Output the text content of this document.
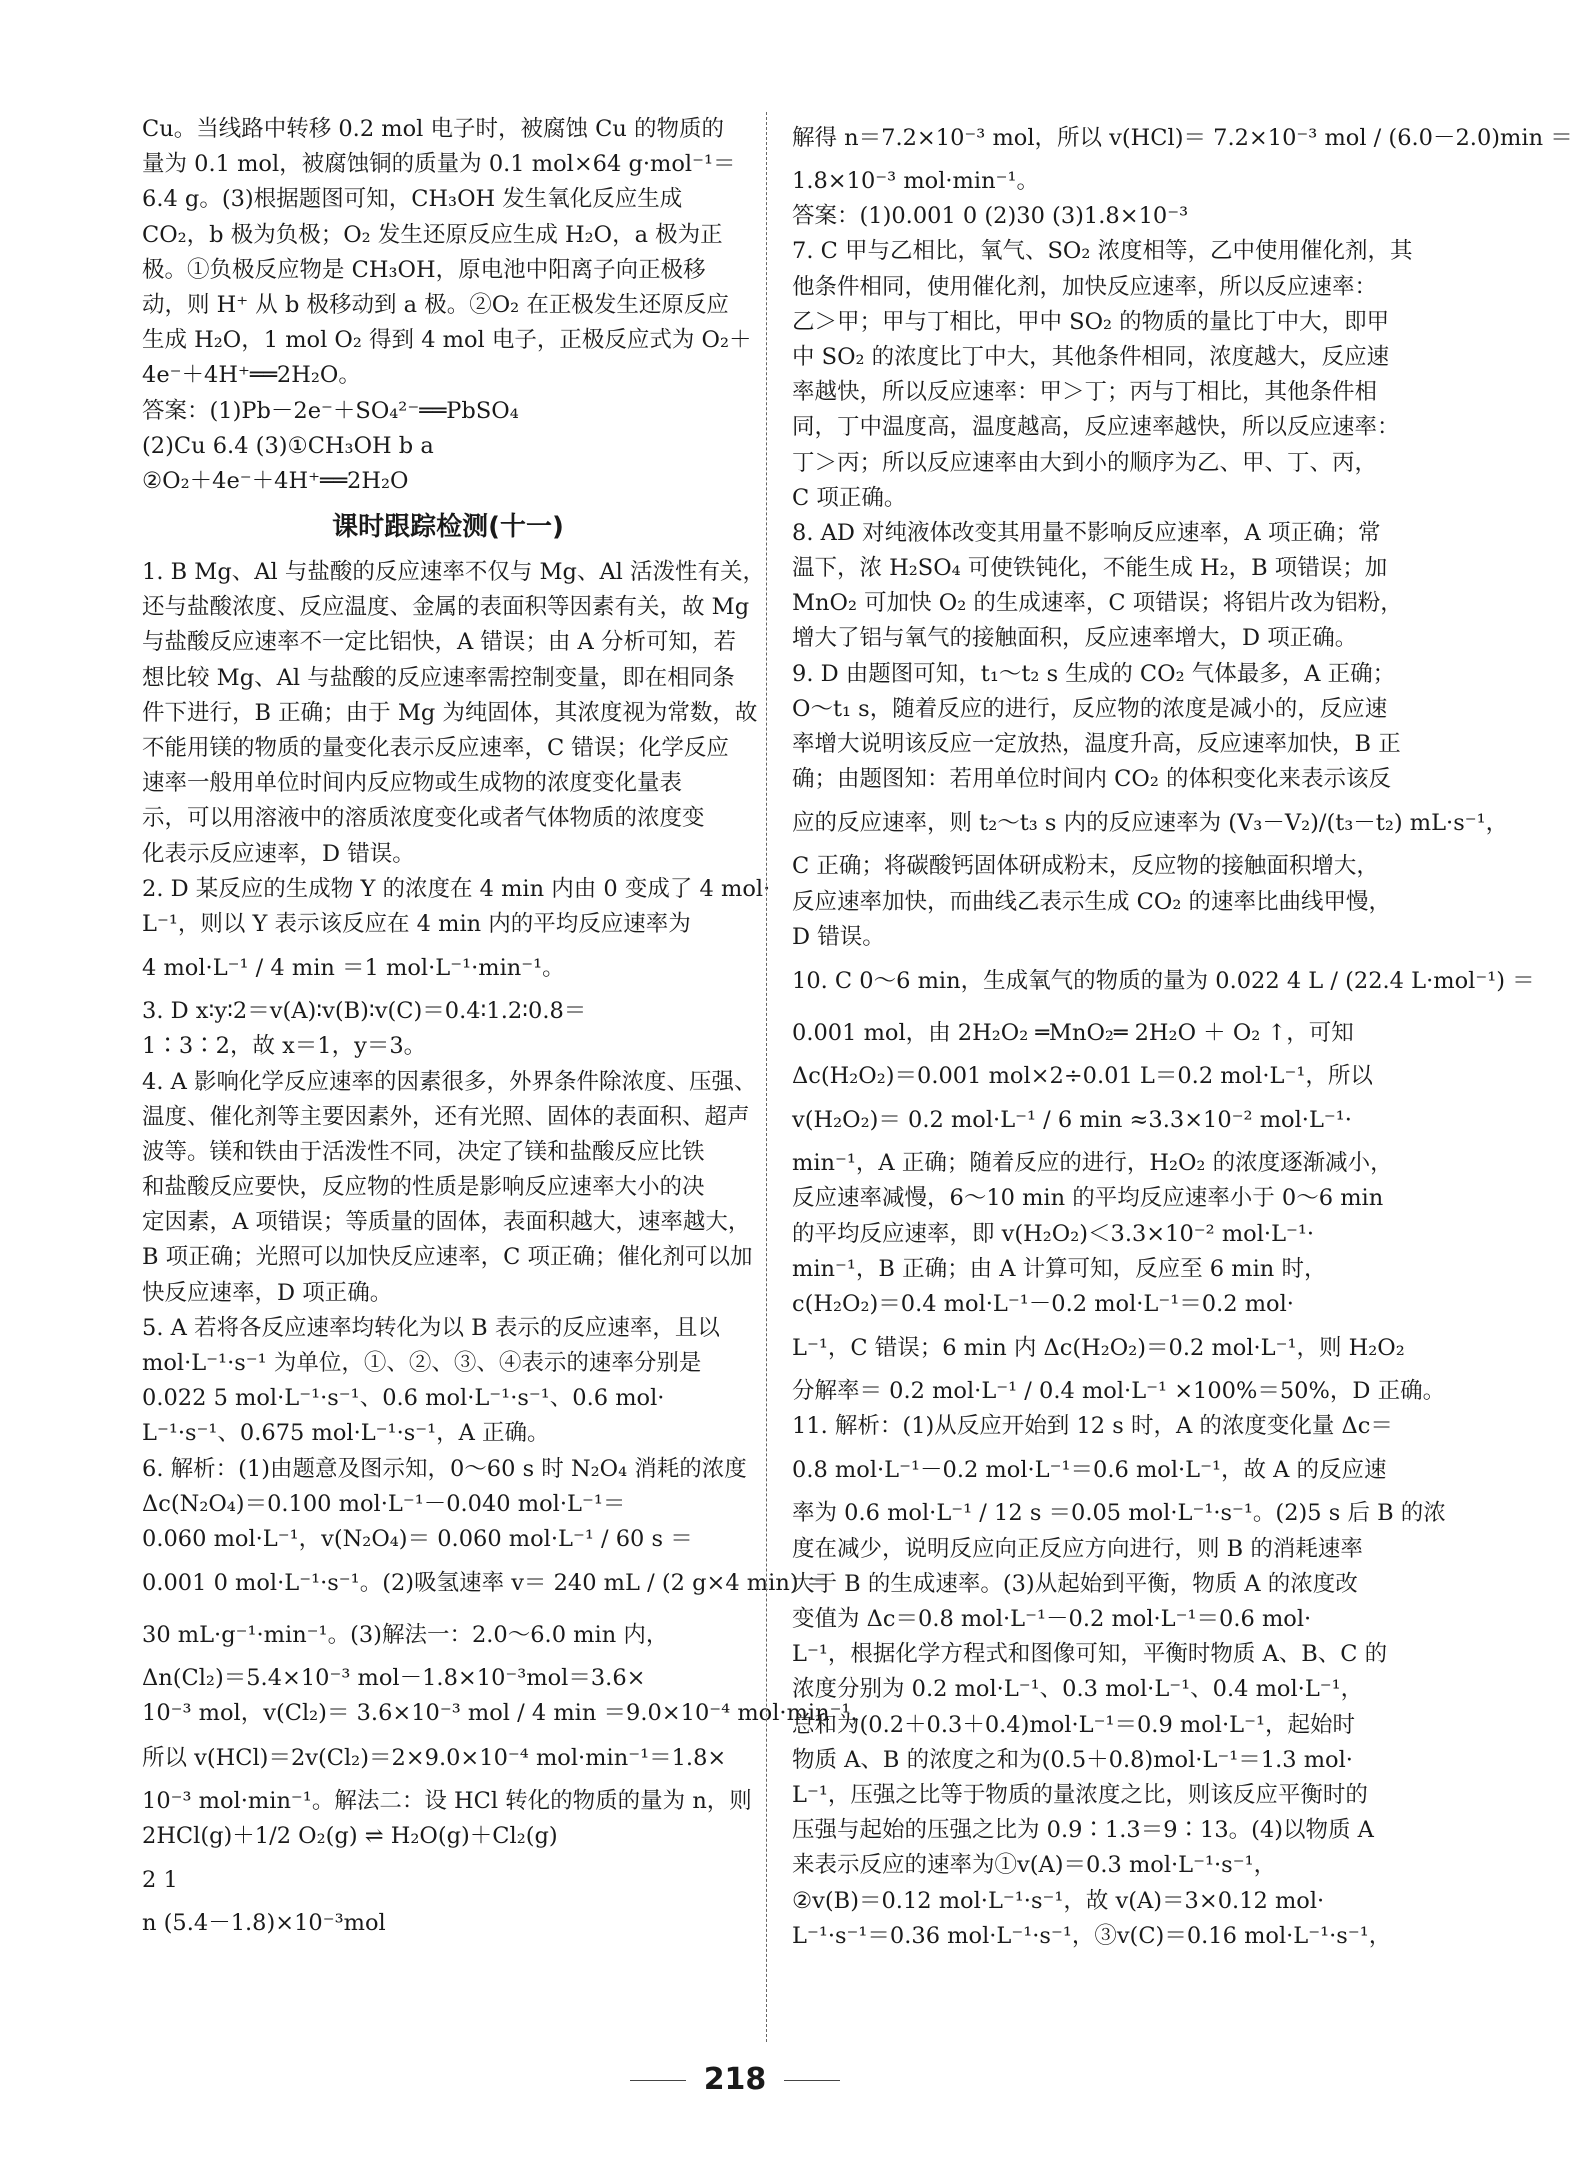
Cu。当线路中转移 0.2 mol 电子时，被腐蚀 Cu 的物质的
量为 0.1 mol，被腐蚀铜的质量为 0.1 mol×64 g·mol⁻¹＝
6.4 g。(3)根据题图可知，CH₃OH 发生氧化反应生成
CO₂，b 极为负极；O₂ 发生还原反应生成 H₂O，a 极为正
极。①负极反应物是 CH₃OH，原电池中阳离子向正极移
动，则 H⁺ 从 b 极移动到 a 极。②O₂ 在正极发生还原反应
生成 H₂O，1 mol O₂ 得到 4 mol 电子，正极反应式为 O₂＋
4e⁻＋4H⁺══2H₂O。
答案：(1)Pb－2e⁻＋SO₄²⁻══PbSO₄
(2)Cu 6.4 (3)①CH₃OH b a
②O₂＋4e⁻＋4H⁺══2H₂O
课时跟踪检测(十一)
1. B Mg、Al 与盐酸的反应速率不仅与 Mg、Al 活泼性有关，
还与盐酸浓度、反应温度、金属的表面积等因素有关，故 Mg
与盐酸反应速率不一定比铝快，A 错误；由 A 分析可知，若
想比较 Mg、Al 与盐酸的反应速率需控制变量，即在相同条
件下进行，B 正确；由于 Mg 为纯固体，其浓度视为常数，故
不能用镁的物质的量变化表示反应速率，C 错误；化学反应
速率一般用单位时间内反应物或生成物的浓度变化量表
示，可以用溶液中的溶质浓度变化或者气体物质的浓度变
化表示反应速率，D 错误。
2. D 某反应的生成物 Y 的浓度在 4 min 内由 0 变成了 4 mol·
L⁻¹，则以 Y 表示该反应在 4 min 内的平均反应速率为
4 mol·L⁻¹ / 4 min ＝1 mol·L⁻¹·min⁻¹。
3. D x∶y∶2＝v(A)∶v(B)∶v(C)＝0.4∶1.2∶0.8＝
1∶3∶2，故 x＝1，y＝3。
4. A 影响化学反应速率的因素很多，外界条件除浓度、压强、
温度、催化剂等主要因素外，还有光照、固体的表面积、超声
波等。镁和铁由于活泼性不同，决定了镁和盐酸反应比铁
和盐酸反应要快，反应物的性质是影响反应速率大小的决
定因素，A 项错误；等质量的固体，表面积越大，速率越大，
B 项正确；光照可以加快反应速率，C 项正确；催化剂可以加
快反应速率，D 项正确。
5. A 若将各反应速率均转化为以 B 表示的反应速率，且以
mol·L⁻¹·s⁻¹ 为单位，①、②、③、④表示的速率分别是
0.022 5 mol·L⁻¹·s⁻¹、0.6 mol·L⁻¹·s⁻¹、0.6 mol·
L⁻¹·s⁻¹、0.675 mol·L⁻¹·s⁻¹，A 正确。
6. 解析：(1)由题意及图示知，0～60 s 时 N₂O₄ 消耗的浓度
Δc(N₂O₄)＝0.100 mol·L⁻¹－0.040 mol·L⁻¹＝
0.060 mol·L⁻¹，v(N₂O₄)＝ 0.060 mol·L⁻¹ / 60 s ＝
0.001 0 mol·L⁻¹·s⁻¹。(2)吸氢速率 v＝ 240 mL / (2 g×4 min) ＝
30 mL·g⁻¹·min⁻¹。(3)解法一：2.0～6.0 min 内，
Δn(Cl₂)＝5.4×10⁻³ mol－1.8×10⁻³mol＝3.6×
10⁻³ mol，v(Cl₂)＝ 3.6×10⁻³ mol / 4 min ＝9.0×10⁻⁴ mol·min⁻¹，
所以 v(HCl)＝2v(Cl₂)＝2×9.0×10⁻⁴ mol·min⁻¹＝1.8×
10⁻³ mol·min⁻¹。解法二：设 HCl 转化的物质的量为 n，则
2HCl(g)＋1/2 O₂(g) ⇌ H₂O(g)＋Cl₂(g)
2 1
n (5.4－1.8)×10⁻³mol
解得 n＝7.2×10⁻³ mol，所以 v(HCl)＝ 7.2×10⁻³ mol / (6.0－2.0)min ＝
1.8×10⁻³ mol·min⁻¹。
答案：(1)0.001 0 (2)30 (3)1.8×10⁻³
7. C 甲与乙相比，氧气、SO₂ 浓度相等，乙中使用催化剂，其
他条件相同，使用催化剂，加快反应速率，所以反应速率：
乙＞甲；甲与丁相比，甲中 SO₂ 的物质的量比丁中大，即甲
中 SO₂ 的浓度比丁中大，其他条件相同，浓度越大，反应速
率越快，所以反应速率：甲＞丁；丙与丁相比，其他条件相
同，丁中温度高，温度越高，反应速率越快，所以反应速率：
丁＞丙；所以反应速率由大到小的顺序为乙、甲、丁、丙，
C 项正确。
8. AD 对纯液体改变其用量不影响反应速率，A 项正确；常
温下，浓 H₂SO₄ 可使铁钝化，不能生成 H₂，B 项错误；加
MnO₂ 可加快 O₂ 的生成速率，C 项错误；将铝片改为铝粉，
增大了铝与氧气的接触面积，反应速率增大，D 项正确。
9. D 由题图可知，t₁～t₂ s 生成的 CO₂ 气体最多，A 正确；
O～t₁ s，随着反应的进行，反应物的浓度是减小的，反应速
率增大说明该反应一定放热，温度升高，反应速率加快，B 正
确；由题图知：若用单位时间内 CO₂ 的体积变化来表示该反
应的反应速率，则 t₂～t₃ s 内的反应速率为 (V₃－V₂)/(t₃－t₂) mL·s⁻¹，
C 正确；将碳酸钙固体研成粉末，反应物的接触面积增大，
反应速率加快，而曲线乙表示生成 CO₂ 的速率比曲线甲慢，
D 错误。
10. C 0～6 min，生成氧气的物质的量为 0.022 4 L / (22.4 L·mol⁻¹) ＝
0.001 mol，由 2H₂O₂ ═MnO₂═ 2H₂O ＋ O₂ ↑，可知
Δc(H₂O₂)＝0.001 mol×2÷0.01 L＝0.2 mol·L⁻¹，所以
v(H₂O₂)＝ 0.2 mol·L⁻¹ / 6 min ≈3.3×10⁻² mol·L⁻¹·
min⁻¹，A 正确；随着反应的进行，H₂O₂ 的浓度逐渐减小，
反应速率减慢，6～10 min 的平均反应速率小于 0～6 min
的平均反应速率，即 v(H₂O₂)＜3.3×10⁻² mol·L⁻¹·
min⁻¹，B 正确；由 A 计算可知，反应至 6 min 时，
c(H₂O₂)＝0.4 mol·L⁻¹－0.2 mol·L⁻¹＝0.2 mol·
L⁻¹，C 错误；6 min 内 Δc(H₂O₂)＝0.2 mol·L⁻¹，则 H₂O₂
分解率＝ 0.2 mol·L⁻¹ / 0.4 mol·L⁻¹ ×100%＝50%，D 正确。
11. 解析：(1)从反应开始到 12 s 时，A 的浓度变化量 Δc＝
0.8 mol·L⁻¹－0.2 mol·L⁻¹＝0.6 mol·L⁻¹，故 A 的反应速
率为 0.6 mol·L⁻¹ / 12 s ＝0.05 mol·L⁻¹·s⁻¹。(2)5 s 后 B 的浓
度在减少，说明反应向正反应方向进行，则 B 的消耗速率
大于 B 的生成速率。(3)从起始到平衡，物质 A 的浓度改
变值为 Δc＝0.8 mol·L⁻¹－0.2 mol·L⁻¹＝0.6 mol·
L⁻¹，根据化学方程式和图像可知，平衡时物质 A、B、C 的
浓度分别为 0.2 mol·L⁻¹、0.3 mol·L⁻¹、0.4 mol·L⁻¹，
总和为(0.2＋0.3＋0.4)mol·L⁻¹＝0.9 mol·L⁻¹，起始时
物质 A、B 的浓度之和为(0.5＋0.8)mol·L⁻¹＝1.3 mol·
L⁻¹，压强之比等于物质的量浓度之比，则该反应平衡时的
压强与起始的压强之比为 0.9∶1.3＝9∶13。(4)以物质 A
来表示反应的速率为①v(A)＝0.3 mol·L⁻¹·s⁻¹，
②v(B)＝0.12 mol·L⁻¹·s⁻¹，故 v(A)＝3×0.12 mol·
L⁻¹·s⁻¹＝0.36 mol·L⁻¹·s⁻¹，③v(C)＝0.16 mol·L⁻¹·s⁻¹，
218
